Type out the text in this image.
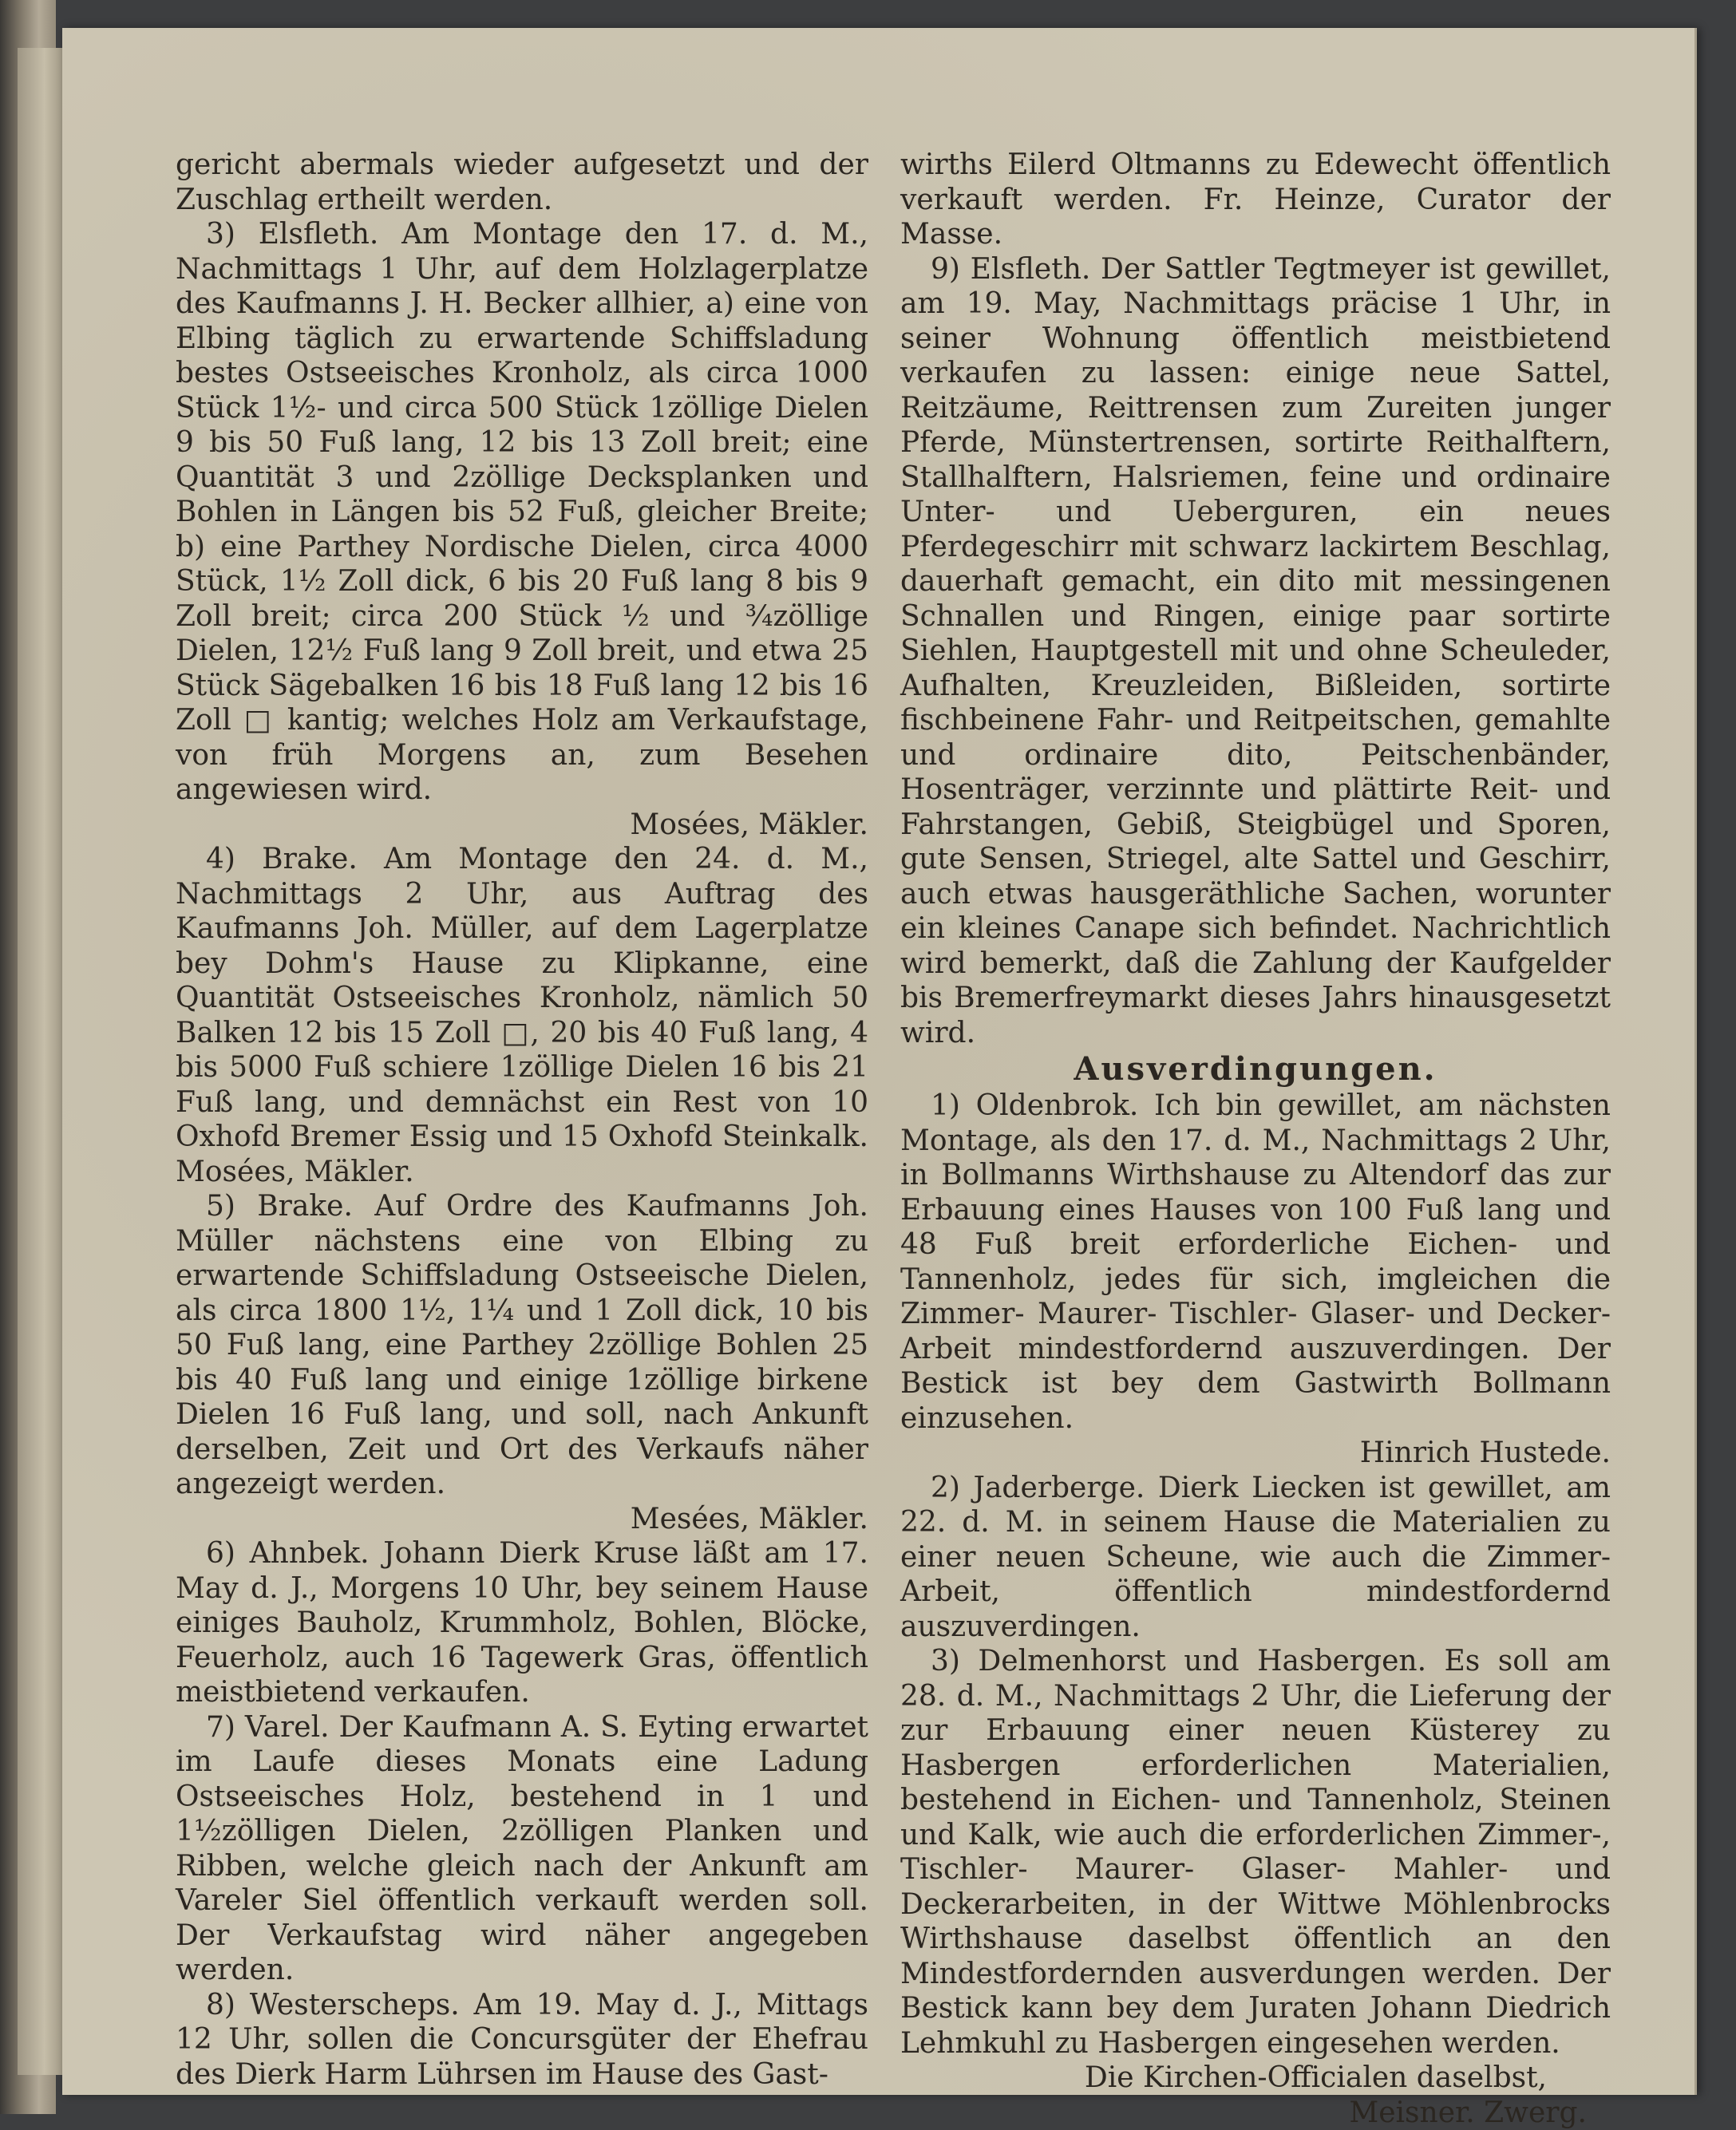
gericht abermals wieder aufgesetzt und der Zuschlag ertheilt werden.

3) Elsfleth. Am Montage den 17. d. M., Nachmittags 1 Uhr, auf dem Holzlagerplatze des Kaufmanns J. H. Becker allhier, a) eine von Elbing täglich zu erwartende Schiffsladung bestes Ostseeisches Kronholz, als circa 1000 Stück 1½- und circa 500 Stück 1zöllige Dielen 9 bis 50 Fuß lang, 12 bis 13 Zoll breit; eine Quantität 3 und 2zöllige Decksplanken und Bohlen in Längen bis 52 Fuß, gleicher Breite; b) eine Parthey Nordische Dielen, circa 4000 Stück, 1½ Zoll dick, 6 bis 20 Fuß lang 8 bis 9 Zoll breit; circa 200 Stück ½ und ¾zöllige Dielen, 12½ Fuß lang 9 Zoll breit, und etwa 25 Stück Sägebalken 16 bis 18 Fuß lang 12 bis 16 Zoll □ kantig; welches Holz am Verkaufstage, von früh Morgens an, zum Besehen angewiesen wird.

Mosées, Mäkler.

4) Brake. Am Montage den 24. d. M., Nachmittags 2 Uhr, aus Auftrag des Kaufmanns Joh. Müller, auf dem Lagerplatze bey Dohm's Hause zu Klipkanne, eine Quantität Ostseeisches Kronholz, nämlich 50 Balken 12 bis 15 Zoll □, 20 bis 40 Fuß lang, 4 bis 5000 Fuß schiere 1zöllige Dielen 16 bis 21 Fuß lang, und demnächst ein Rest von 10 Oxhofd Bremer Essig und 15 Oxhofd Steinkalk. Mosées, Mäkler.

5) Brake. Auf Ordre des Kaufmanns Joh. Müller nächstens eine von Elbing zu erwartende Schiffsladung Ostseeische Dielen, als circa 1800 1½, 1¼ und 1 Zoll dick, 10 bis 50 Fuß lang, eine Parthey 2zöllige Bohlen 25 bis 40 Fuß lang und einige 1zöllige birkene Dielen 16 Fuß lang, und soll, nach Ankunft derselben, Zeit und Ort des Verkaufs näher angezeigt werden.

Mesées, Mäkler.

6) Ahnbek. Johann Dierk Kruse läßt am 17. May d. J., Morgens 10 Uhr, bey seinem Hause einiges Bauholz, Krummholz, Bohlen, Blöcke, Feuerholz, auch 16 Tagewerk Gras, öffentlich meistbietend verkaufen.

7) Varel. Der Kaufmann A. S. Eyting erwartet im Laufe dieses Monats eine Ladung Ostseeisches Holz, bestehend in 1 und 1½zölligen Dielen, 2zölligen Planken und Ribben, welche gleich nach der Ankunft am Vareler Siel öffentlich verkauft werden soll. Der Verkaufstag wird näher angegeben werden.

8) Westerscheps. Am 19. May d. J., Mittags 12 Uhr, sollen die Concursgüter der Ehefrau des Dierk Harm Lührsen im Hause des Gast-

wirths Eilerd Oltmanns zu Edewecht öffentlich verkauft werden. Fr. Heinze, Curator der Masse.

9) Elsfleth. Der Sattler Tegtmeyer ist gewillet, am 19. May, Nachmittags präcise 1 Uhr, in seiner Wohnung öffentlich meistbietend verkaufen zu lassen: einige neue Sattel, Reitzäume, Reittrensen zum Zureiten junger Pferde, Münstertrensen, sortirte Reithalftern, Stallhalftern, Halsriemen, feine und ordinaire Unter- und Ueberguren, ein neues Pferdegeschirr mit schwarz lackirtem Beschlag, dauerhaft gemacht, ein dito mit messingenen Schnallen und Ringen, einige paar sortirte Siehlen, Hauptgestell mit und ohne Scheuleder, Aufhalten, Kreuzleiden, Bißleiden, sortirte fischbeinene Fahr- und Reitpeitschen, gemahlte und ordinaire dito, Peitschenbänder, Hosenträger, verzinnte und plättirte Reit- und Fahrstangen, Gebiß, Steigbügel und Sporen, gute Sensen, Striegel, alte Sattel und Geschirr, auch etwas hausgeräthliche Sachen, worunter ein kleines Canape sich befindet. Nachrichtlich wird bemerkt, daß die Zahlung der Kaufgelder bis Bremerfreymarkt dieses Jahrs hinausgesetzt wird.

Ausverdingungen.

1) Oldenbrok. Ich bin gewillet, am nächsten Montage, als den 17. d. M., Nachmittags 2 Uhr, in Bollmanns Wirthshause zu Altendorf das zur Erbauung eines Hauses von 100 Fuß lang und 48 Fuß breit erforderliche Eichen- und Tannenholz, jedes für sich, imgleichen die Zimmer- Maurer- Tischler- Glaser- und Decker-Arbeit mindestfordernd auszuverdingen. Der Bestick ist bey dem Gastwirth Bollmann einzusehen.

Hinrich Hustede.

2) Jaderberge. Dierk Liecken ist gewillet, am 22. d. M. in seinem Hause die Materialien zu einer neuen Scheune, wie auch die Zimmer-Arbeit, öffentlich mindestfordernd auszuverdingen.

3) Delmenhorst und Hasbergen. Es soll am 28. d. M., Nachmittags 2 Uhr, die Lieferung der zur Erbauung einer neuen Küsterey zu Hasbergen erforderlichen Materialien, bestehend in Eichen- und Tannenholz, Steinen und Kalk, wie auch die erforderlichen Zimmer-, Tischler- Maurer- Glaser- Mahler- und Deckerarbeiten, in der Wittwe Möhlenbrocks Wirthshause daselbst öffentlich an den Mindestfordernden ausverdungen werden. Der Bestick kann bey dem Juraten Johann Diedrich Lehmkuhl zu Hasbergen eingesehen werden.

Die Kirchen-Officialen daselbst,

Meisner. Zwerg.
